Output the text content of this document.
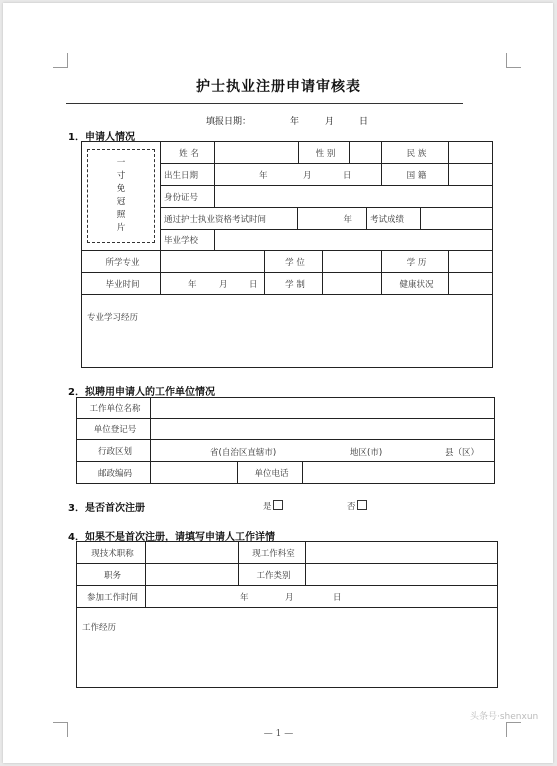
护士执业注册申请审核表
填报日期：	年	月	日
1．申请人情况
一
寸
免
冠
照
片
姓 名	性 别	民 族
出生日期	年	月	日	国 籍
身份证号
通过护士执业资格考试时间	年	考试成绩
毕业学校
所学专业	学 位	学 历
毕业时间	年	月	日	学 制	健康状况
专业学习经历
2．拟聘用申请人的工作单位情况
工作单位名称
单位登记号
行政区划	省(自治区直辖市)	地区(市)	县（区）
邮政编码	单位电话
3．是否首次注册	是	否
4．如果不是首次注册，请填写申请人工作详情
现技术职称	现工作科室
职务	工作类别
参加工作时间	年	月	日
工作经历
— 1 —
头条号·shenxun
